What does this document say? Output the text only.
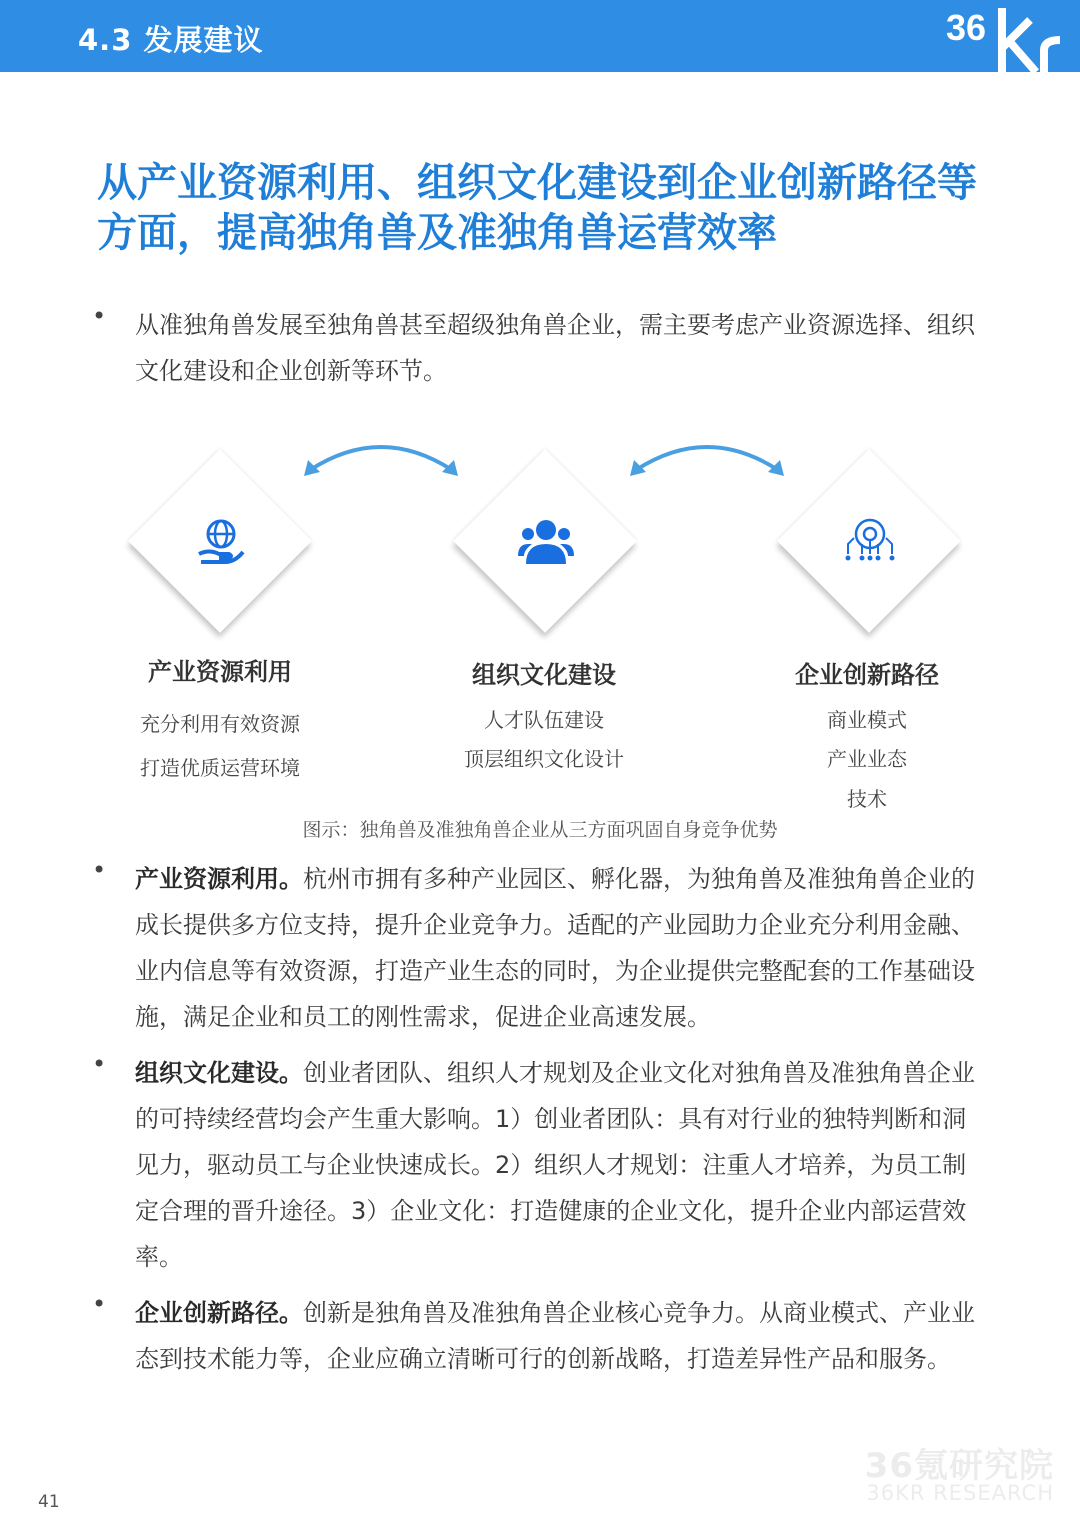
4.3 发展建议	36
从产业资源利用、组织文化建设到企业创新路径等方面，提高独角兽及准独角兽运营效率
•	从准独角兽发展至独角兽甚至超级独角兽企业，需主要考虑产业资源选择、组织文化建设和企业创新等环节。
产业资源利用
充分利用有效资源
打造优质运营环境
组织文化建设
人才队伍建设
顶层组织文化设计
企业创新路径
商业模式
产业业态
技术
图示：独角兽及准独角兽企业从三方面巩固自身竞争优势
•	产业资源利用。杭州市拥有多种产业园区、孵化器，为独角兽及准独角兽企业的成长提供多方位支持，提升企业竞争力。适配的产业园助力企业充分利用金融、业内信息等有效资源，打造产业生态的同时，为企业提供完整配套的工作基础设施，满足企业和员工的刚性需求，促进企业高速发展。
•	组织文化建设。创业者团队、组织人才规划及企业文化对独角兽及准独角兽企业的可持续经营均会产生重大影响。1）创业者团队：具有对行业的独特判断和洞见力，驱动员工与企业快速成长。2）组织人才规划：注重人才培养，为员工制定合理的晋升途径。3）企业文化：打造健康的企业文化，提升企业内部运营效率。
•	企业创新路径。创新是独角兽及准独角兽企业核心竞争力。从商业模式、产业业态到技术能力等，企业应确立清晰可行的创新战略，打造差异性产品和服务。
41
36氪研究院
36KR RESEARCH
